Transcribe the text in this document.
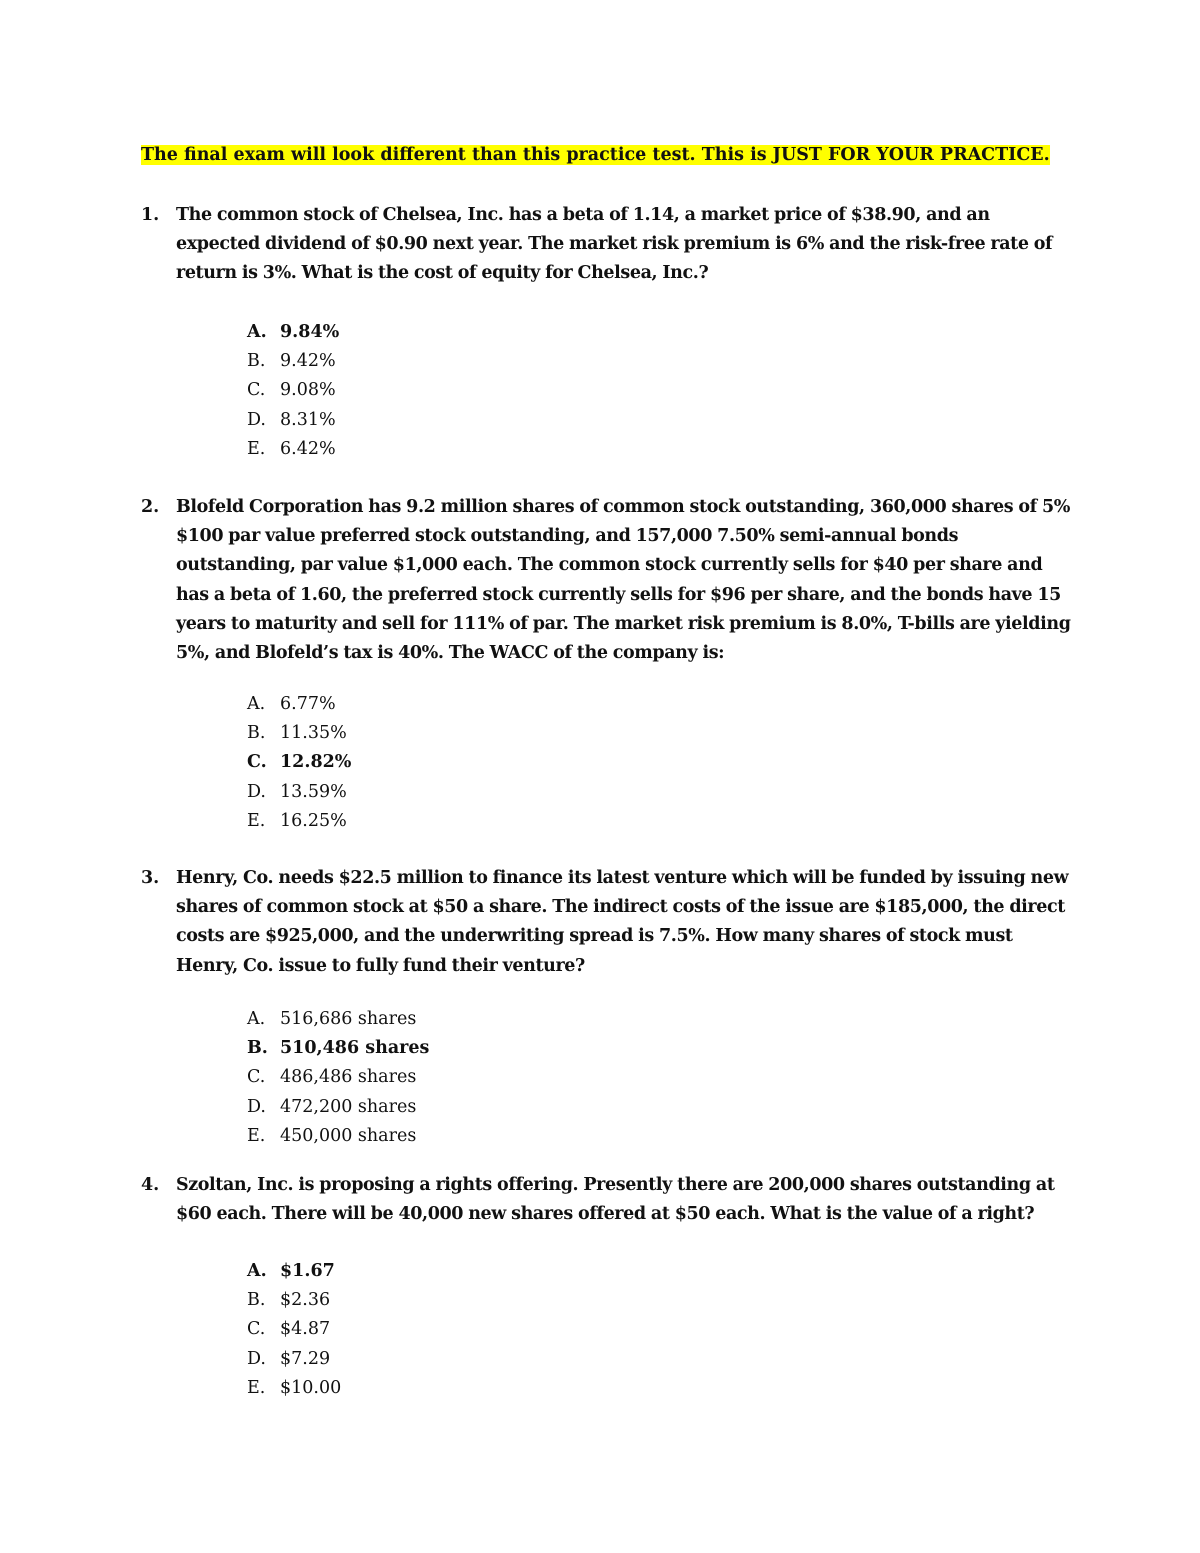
The final exam will look different than this practice test. This is JUST FOR YOUR PRACTICE.
1. The common stock of Chelsea, Inc. has a beta of 1.14, a market price of $38.90, and an expected dividend of $0.90 next year. The market risk premium is 6% and the risk-free rate of return is 3%. What is the cost of equity for Chelsea, Inc.?
A. 9.84%
B. 9.42%
C. 9.08%
D. 8.31%
E. 6.42%
2. Blofeld Corporation has 9.2 million shares of common stock outstanding, 360,000 shares of 5% $100 par value preferred stock outstanding, and 157,000 7.50% semi-annual bonds outstanding, par value $1,000 each. The common stock currently sells for $40 per share and has a beta of 1.60, the preferred stock currently sells for $96 per share, and the bonds have 15 years to maturity and sell for 111% of par. The market risk premium is 8.0%, T-bills are yielding 5%, and Blofeld’s tax is 40%. The WACC of the company is:
A. 6.77%
B. 11.35%
C. 12.82%
D. 13.59%
E. 16.25%
3. Henry, Co. needs $22.5 million to finance its latest venture which will be funded by issuing new shares of common stock at $50 a share. The indirect costs of the issue are $185,000, the direct costs are $925,000, and the underwriting spread is 7.5%. How many shares of stock must Henry, Co. issue to fully fund their venture?
A. 516,686 shares
B. 510,486 shares
C. 486,486 shares
D. 472,200 shares
E. 450,000 shares
4. Szoltan, Inc. is proposing a rights offering. Presently there are 200,000 shares outstanding at $60 each. There will be 40,000 new shares offered at $50 each. What is the value of a right?
A. $1.67
B. $2.36
C. $4.87
D. $7.29
E. $10.00
